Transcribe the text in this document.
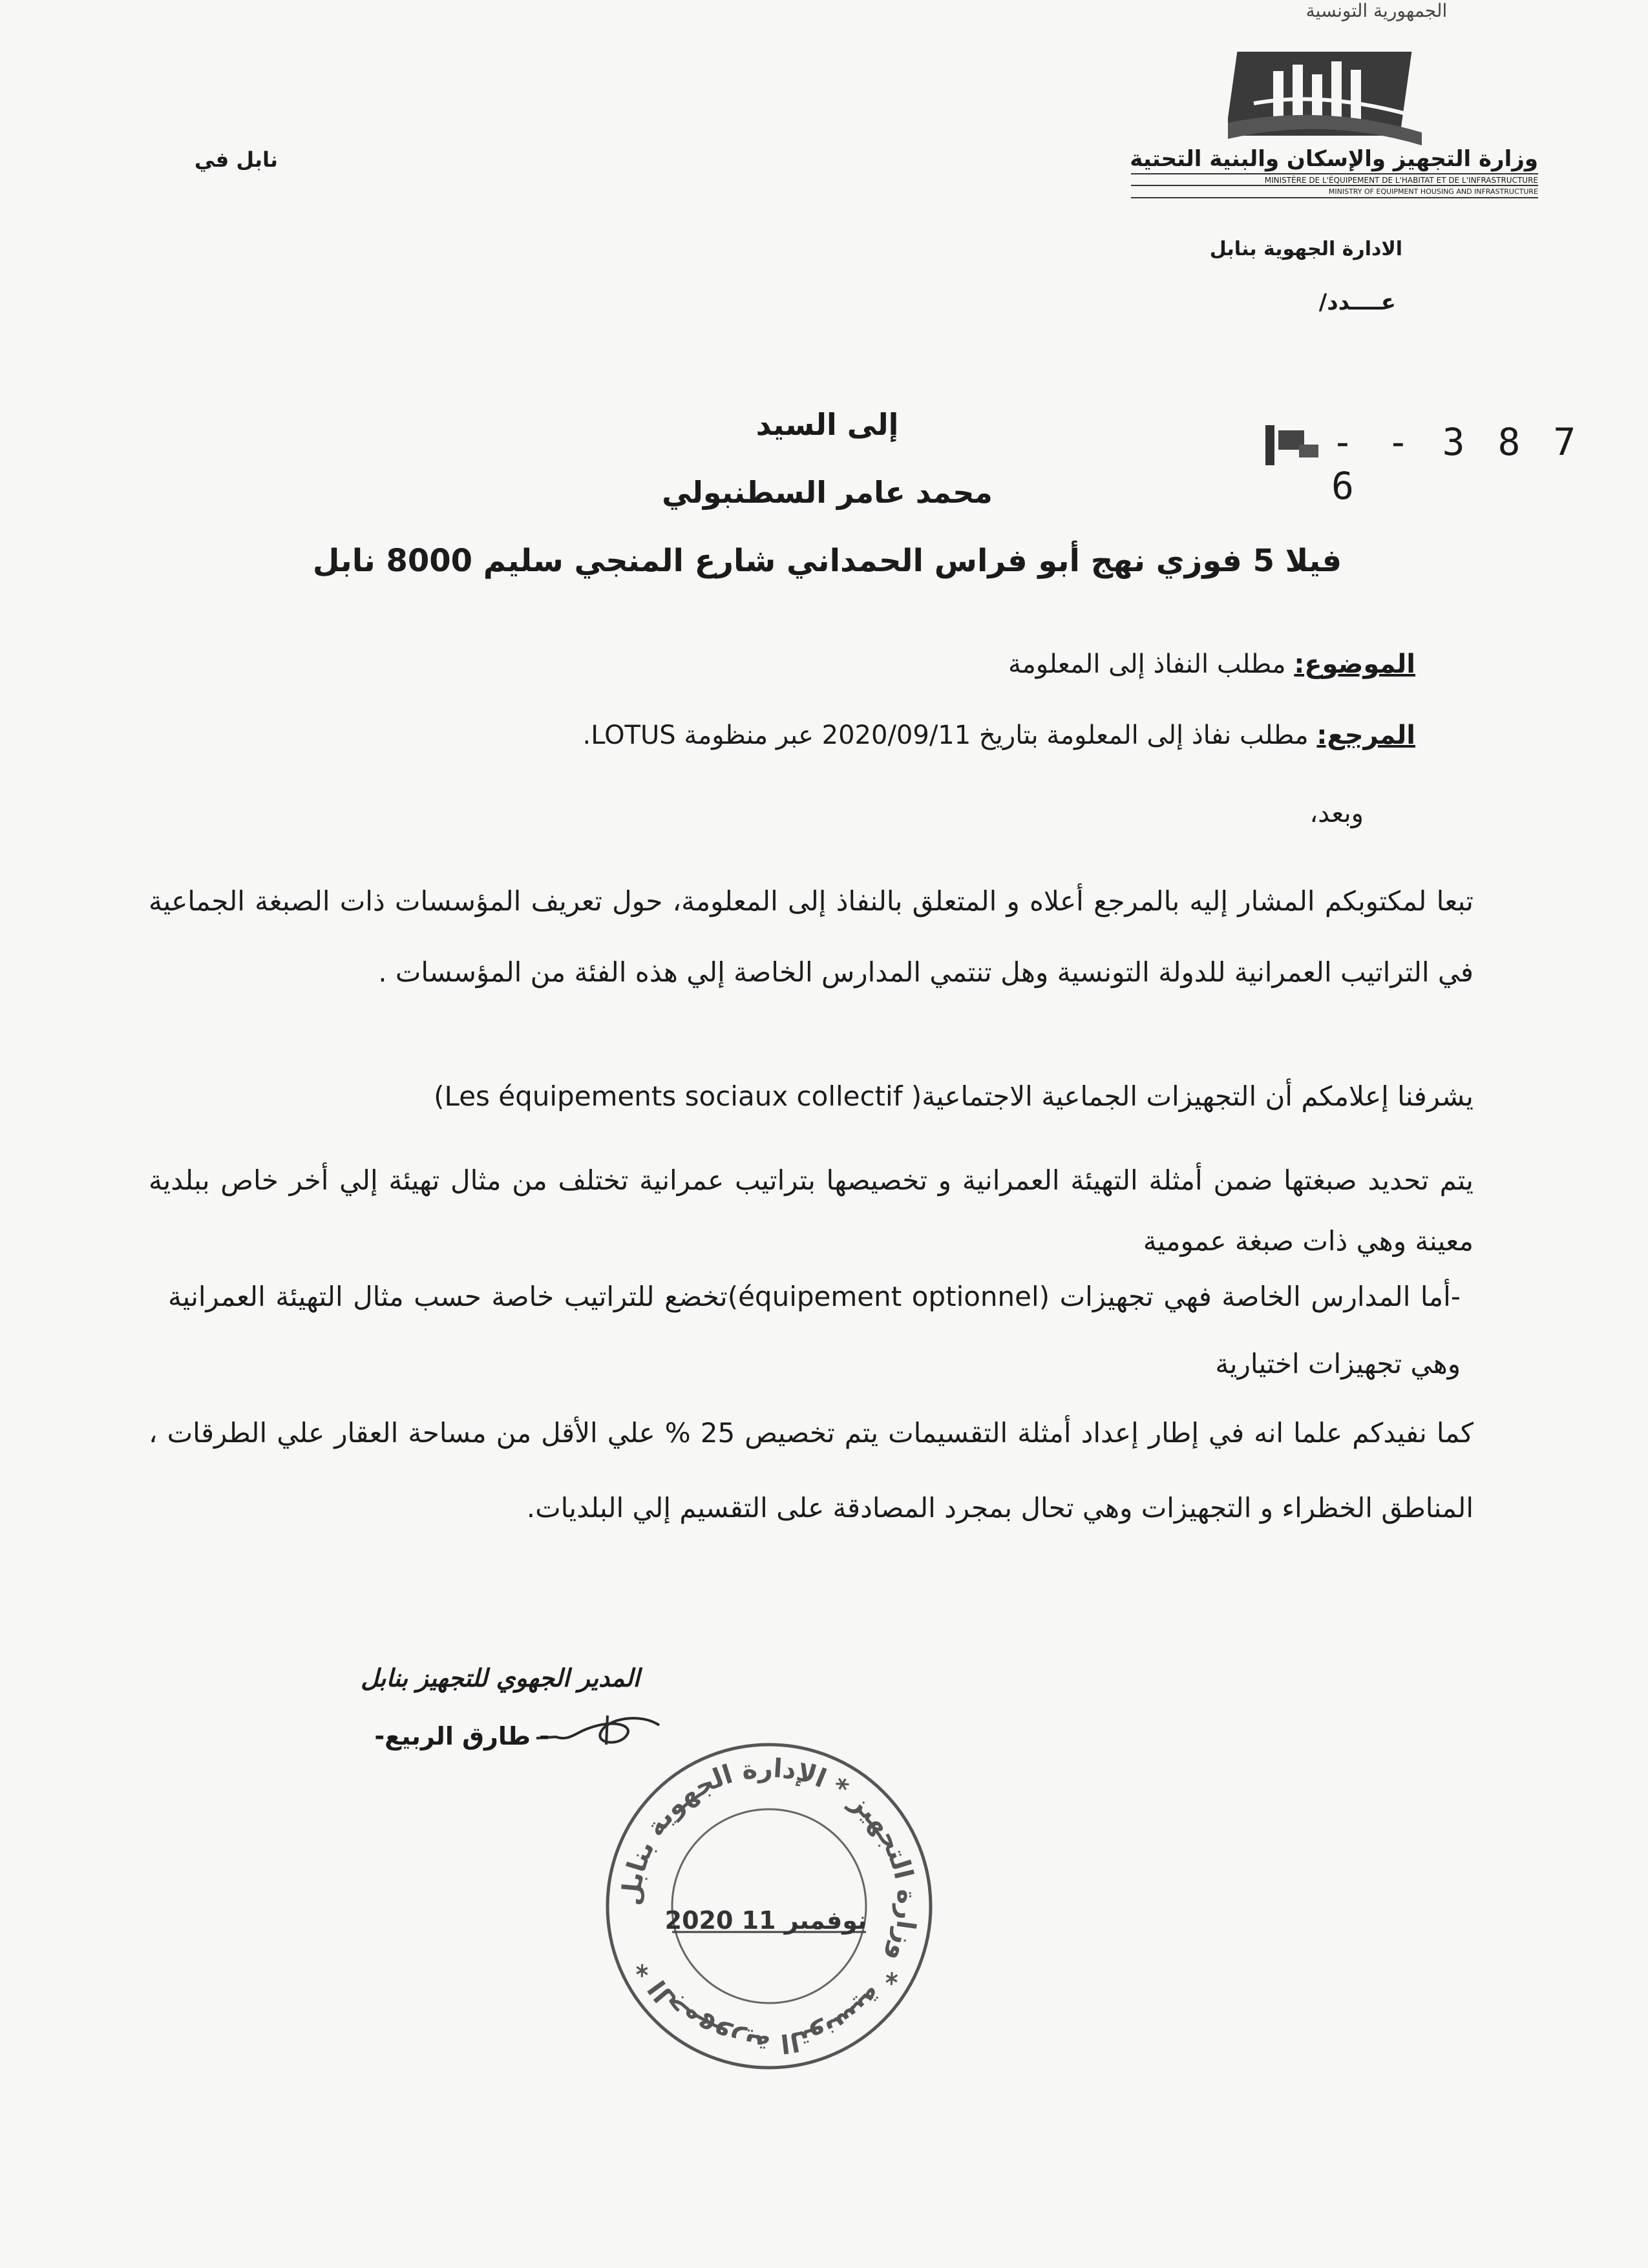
الجمهورية التونسية
وزارة التجهيز والإسكان والبنية التحتية
MINISTÈRE DE L'ÉQUIPEMENT DE L'HABITAT ET DE L'INFRASTRUCTURE
MINISTRY OF EQUIPMENT HOUSING AND INFRASTRUCTURE
نابل في
الادارة الجهوية بنابل
عــــدد/
- - 3 8 7 6
إلى السيد
محمد عامر السطنبولي
فيلا 5 فوزي نهج أبو فراس الحمداني شارع المنجي سليم 8000 نابل
الموضوع: مطلب النفاذ إلى المعلومة
المرجع: مطلب نفاذ إلى المعلومة بتاريخ 2020/09/11 عبر منظومة LOTUS.
وبعد،
تبعا لمكتوبكم المشار إليه بالمرجع أعلاه و المتعلق بالنفاذ إلى المعلومة، حول تعريف المؤسسات ذات الصبغة الجماعية في التراتيب العمرانية للدولة التونسية وهل تنتمي المدارس الخاصة إلي هذه الفئة من المؤسسات .
يشرفنا إعلامكم أن التجهيزات الجماعية الاجتماعية( Les équipements sociaux collectif)
يتم تحديد صبغتها ضمن أمثلة التهيئة العمرانية و تخصيصها بتراتيب عمرانية تختلف من مثال تهيئة إلي أخر خاص ببلدية معينة وهي ذات صبغة عمومية
-أما المدارس الخاصة فهي تجهيزات (équipement optionnel)تخضع للتراتيب خاصة حسب مثال التهيئة العمرانية وهي تجهيزات اختيارية
كما نفيدكم علما انه في إطار إعداد أمثلة التقسيمات يتم تخصيص 25 % علي الأقل من مساحة العقار علي الطرقات ، المناطق الخظراء و التجهيزات وهي تحال بمجرد المصادقة على التقسيم إلي البلديات.
المدير الجهوي للتجهيز بنابل
- طارق الربيع-
الجمهورية التونسية * وزارة التجهيز * الإدارة الجهوية بنابل *
2020 نوفمبر 11
